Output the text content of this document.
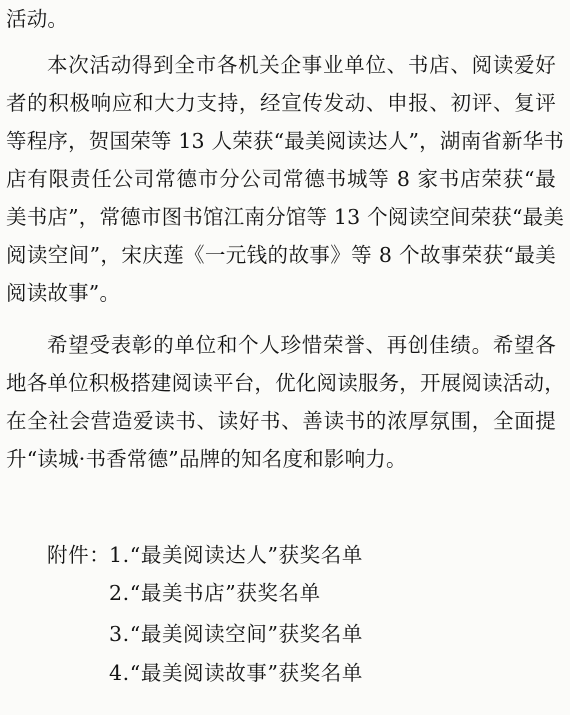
活动。
本次活动得到全市各机关企事业单位、书店、阅读爱好
者的积极响应和大力支持，经宣传发动、申报、初评、复评
等程序，贺国荣等 13 人荣获“最美阅读达人”，湖南省新华书
店有限责任公司常德市分公司常德书城等 8 家书店荣获“最
美书店”，常德市图书馆江南分馆等 13 个阅读空间荣获“最美
阅读空间”，宋庆莲《一元钱的故事》等 8 个故事荣获“最美
阅读故事”。
希望受表彰的单位和个人珍惜荣誉、再创佳绩。希望各
地各单位积极搭建阅读平台，优化阅读服务，开展阅读活动，
在全社会营造爱读书、读好书、善读书的浓厚氛围，全面提
升“读城·书香常德”品牌的知名度和影响力。
附件：
1.“最美阅读达人”获奖名单
2.“最美书店”获奖名单
3.“最美阅读空间”获奖名单
4.“最美阅读故事”获奖名单
